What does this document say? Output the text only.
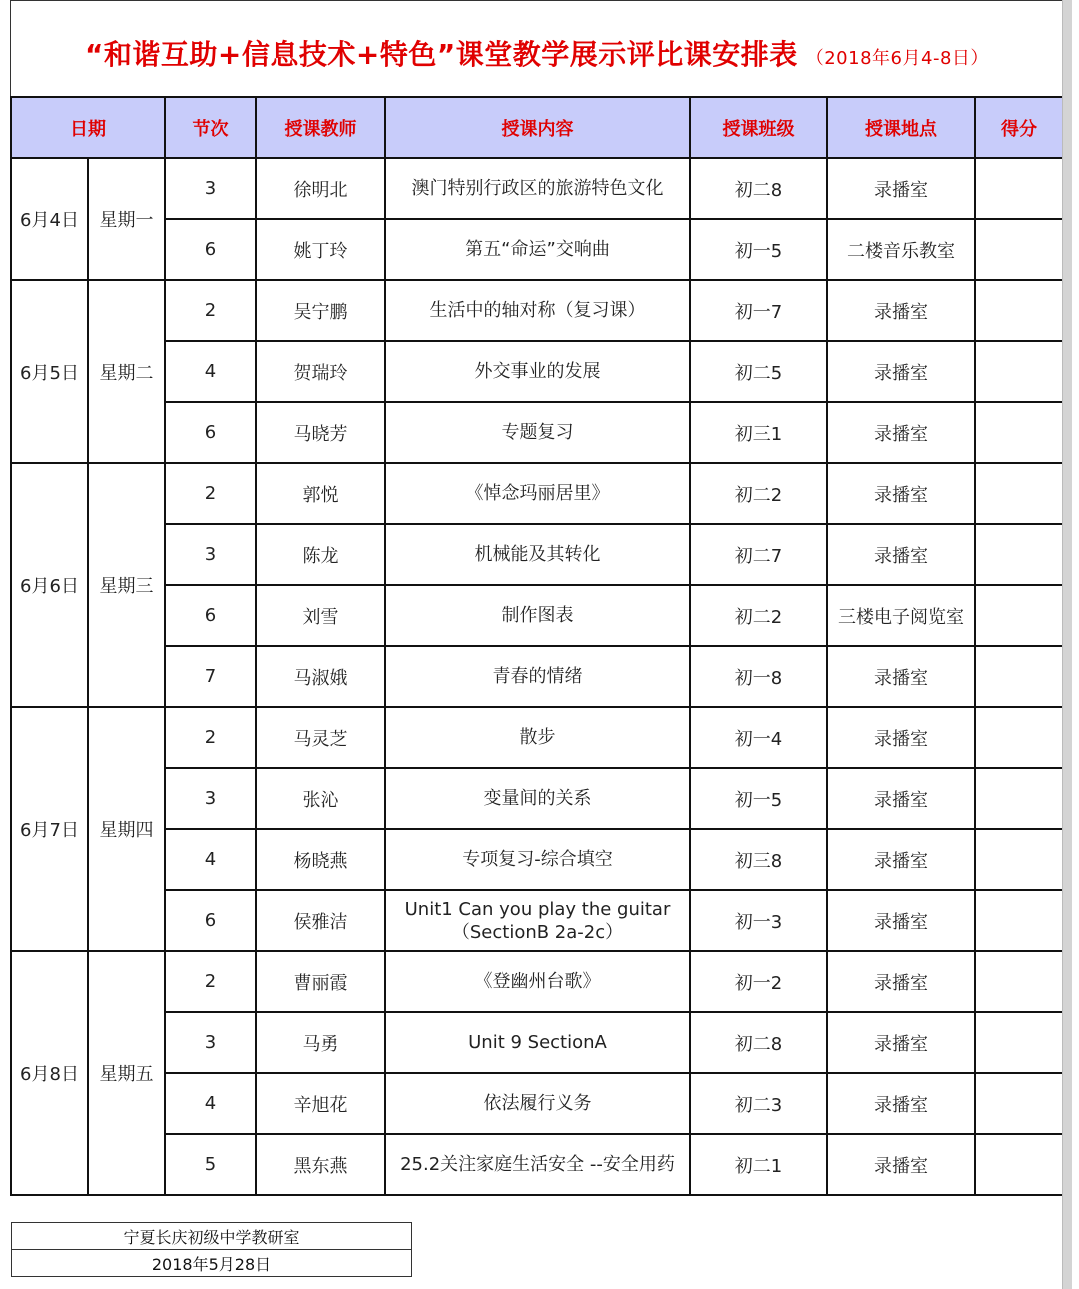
“和谐互助+信息技术+特色”课堂教学展示评比课安排表 （2018年6月4-8日）
日期		节次	授课教师	授课内容	授课班级	授课地点	得分
6月4日	星期一	3	徐明北	澳门特别行政区的旅游特色文化	初二8	录播室	
		6	姚丁玲	第五“命运”交响曲	初一5	二楼音乐教室	
6月5日	星期二	2	吴宁鹏	生活中的轴对称（复习课）	初一7	录播室	
		4	贺瑞玲	外交事业的发展	初二5	录播室	
		6	马晓芳	专题复习	初三1	录播室	
6月6日	星期三	2	郭悦	《悼念玛丽居里》	初二2	录播室	
		3	陈龙	机械能及其转化	初二7	录播室	
		6	刘雪	制作图表	初二2	三楼电子阅览室	
		7	马淑娥	青春的情绪	初一8	录播室	
6月7日	星期四	2	马灵芝	散步	初一4	录播室	
		3	张沁	变量间的关系	初一5	录播室	
		4	杨晓燕	专项复习-综合填空	初三8	录播室	
		6	侯雅洁	Unit1 Can you play the guitar（SectionB 2a-2c）	初一3	录播室	
6月8日	星期五	2	曹丽霞	《登幽州台歌》	初一2	录播室	
		3	马勇	Unit 9 SectionA	初二8	录播室	
		4	辛旭花	依法履行义务	初二3	录播室	
		5	黑东燕	25.2关注家庭生活安全 --安全用药	初二1	录播室	
宁夏长庆初级中学教研室
2018年5月28日
